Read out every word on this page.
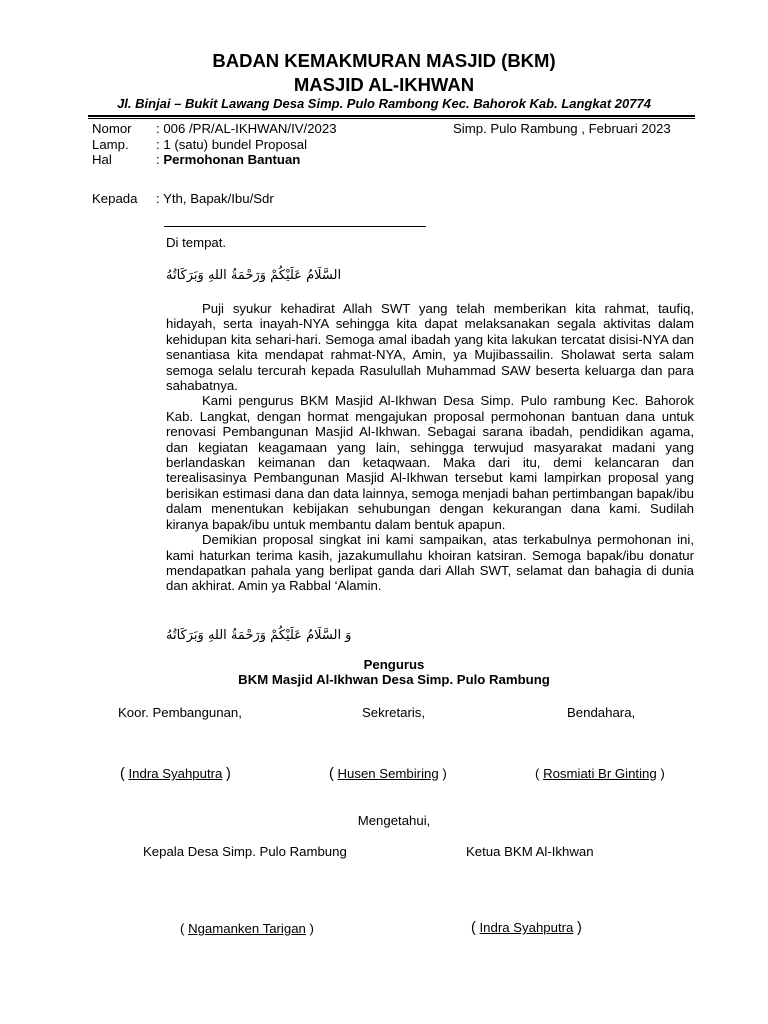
BADAN KEMAKMURAN MASJID (BKM)
MASJID AL-IKHWAN
Jl. Binjai – Bukit Lawang Desa Simp. Pulo Rambong Kec. Bahorok Kab. Langkat 20774
Nomor : 006 /PR/AL-IKHWAN/IV/2023	Simp. Pulo Rambung , Februari 2023
Lamp. : 1 (satu) bundel Proposal
Hal	: Permohonan Bantuan
Kepada : Yth, Bapak/Ibu/Sdr
Di tempat.
السَّلَامُ عَلَيْكُمْ وَرَحْمَةُ اللهِ وَبَرَكَاتُهُ

Puji syukur kehadirat Allah SWT yang telah memberikan kita rahmat, taufiq, hidayah, serta inayah-NYA sehingga kita dapat melaksanakan segala aktivitas dalam kehidupan kita sehari-hari. Semoga amal ibadah yang kita lakukan tercatat disisi-NYA dan senantiasa kita mendapat rahmat-NYA, Amin, ya Mujibassailin. Sholawat serta salam semoga selalu tercurah kepada Rasulullah Muhammad SAW beserta keluarga dan para sahabatnya.

Kami pengurus BKM Masjid Al-Ikhwan Desa Simp. Pulo rambung Kec. Bahorok Kab. Langkat, dengan hormat mengajukan proposal permohonan bantuan dana untuk renovasi Pembangunan Masjid Al-Ikhwan. Sebagai sarana ibadah, pendidikan agama, dan kegiatan keagamaan yang lain, sehingga terwujud masyarakat madani yang berlandaskan keimanan dan ketaqwaan. Maka dari itu, demi kelancaran dan terealisasinya Pembangunan Masjid Al-Ikhwan tersebut kami lampirkan proposal yang berisikan estimasi dana dan data lainnya, semoga menjadi bahan pertimbangan bapak/ibu dalam menentukan kebijakan sehubungan dengan kekurangan dana kami. Sudilah kiranya bapak/ibu untuk membantu dalam bentuk apapun.

Demikian proposal singkat ini kami sampaikan, atas terkabulnya permohonan ini, kami haturkan terima kasih, jazakumullahu khoiran katsiran. Semoga bapak/ibu donatur mendapatkan pahala yang berlipat ganda dari Allah SWT, selamat dan bahagia di dunia dan akhirat. Amin ya Rabbal ‘Alamin.

وَ السَّلَامُ عَلَيْكُمْ وَرَحْمَةُ اللهِ وَبَرَكَاتُهُ
Pengurus
BKM Masjid Al-Ikhwan Desa Simp. Pulo Rambung
Koor. Pembangunan,	Sekretaris,	Bendahara,
( Indra Syahputra )	( Husen Sembiring )	( Rosmiati Br Ginting )
Mengetahui,
Kepala Desa Simp. Pulo Rambung	Ketua BKM Al-Ikhwan
( Ngamanken Tarigan )	( Indra Syahputra )
